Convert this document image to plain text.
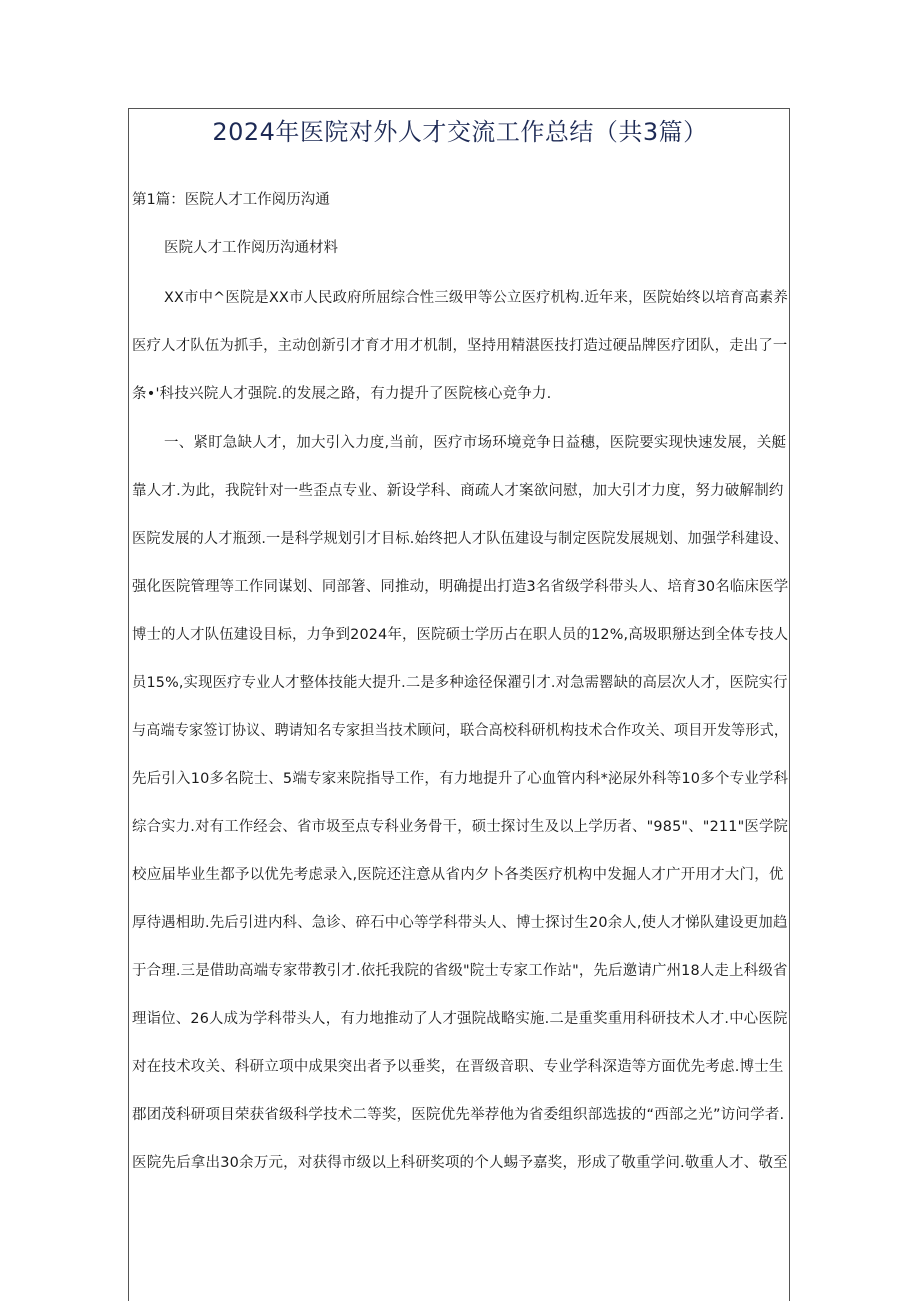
2024年医院对外人才交流工作总结（共3篇）
第1篇：医院人才工作阅历沟通
医院人才工作阅历沟通材料
XX市中^医院是XX市人民政府所屈综合性三级甲等公立医疗机构.近年来，医院始终以培育高素养
医疗人才队伍为抓手，主动创新引才育才用才机制，坚持用精湛医技打造过硬品牌医疗团队，走出了一
条•'科技兴院人才强院.的发展之路，有力提升了医院核心竞争力.
一、紧盯急缺人才，加大引入力度,当前，医疗市场环境竞争日益穗，医院要实现快速发展，关艇
靠人才.为此，我院针对一些歪点专业、新设学科、商疏人才案欲问慰，加大引才力度，努力破解制约
医院发展的人才瓶颈.一是科学规划引才目标.始终把人才队伍建设与制定医院发展规划、加强学科建设、
强化医院管理等工作同谋划、同部箸、同推动，明确提出打造3名省级学科带头人、培育30名临床医学
博士的人才队伍建设目标，力争到2024年，医院硕士学历占在职人员的12%,高圾职掰达到全体专技人
员15%,实现医疗专业人才整体技能大提升.二是多种途径保濯引才.对急需罂缺的高层次人才，医院实行
与高端专家签订协议、聘请知名专家担当技术顾问，联合高校科研机构技术合作攻关、项目开发等形式，
先后引入10多名院士、5端专家来院指导工作，有力地提升了心血管内科*泌尿外科等10多个专业学科
综合实力.对有工作经会、省市圾至点专科业务骨干，硕士探讨生及以上学历者、"985"、"211"医学院
校应届毕业生都予以优先考虑录入,医院还注意从省内夕卜各类医疗机构中发掘人才广开用才大门，优
厚待遇相助.先后引进内科、急诊、碎石中心等学科带头人、博士探讨生20余人,使人才悌队建设更加趋
于合理.三是借助高端专家带教引才.依托我院的省级"院士专家工作站"，先后邀请广州18人走上科级省
理诣位、26人成为学科带头人，有力地推动了人才强院战略实施.二是重奖重用科研技术人才.中心医院
对在技术攻关、科研立项中成果突出者予以垂奖，在晋级音职、专业学科深造等方面优先考虑.博士生
郡团茂科研项目荣获省级科学技术二等奖，医院优先举荐他为省委组织部选拔的“西部之光”访问学者.
医院先后拿出30余万元，对获得市级以上科研奖项的个人蜴予嘉奖，形成了敬重学问.敬重人才、敬至
